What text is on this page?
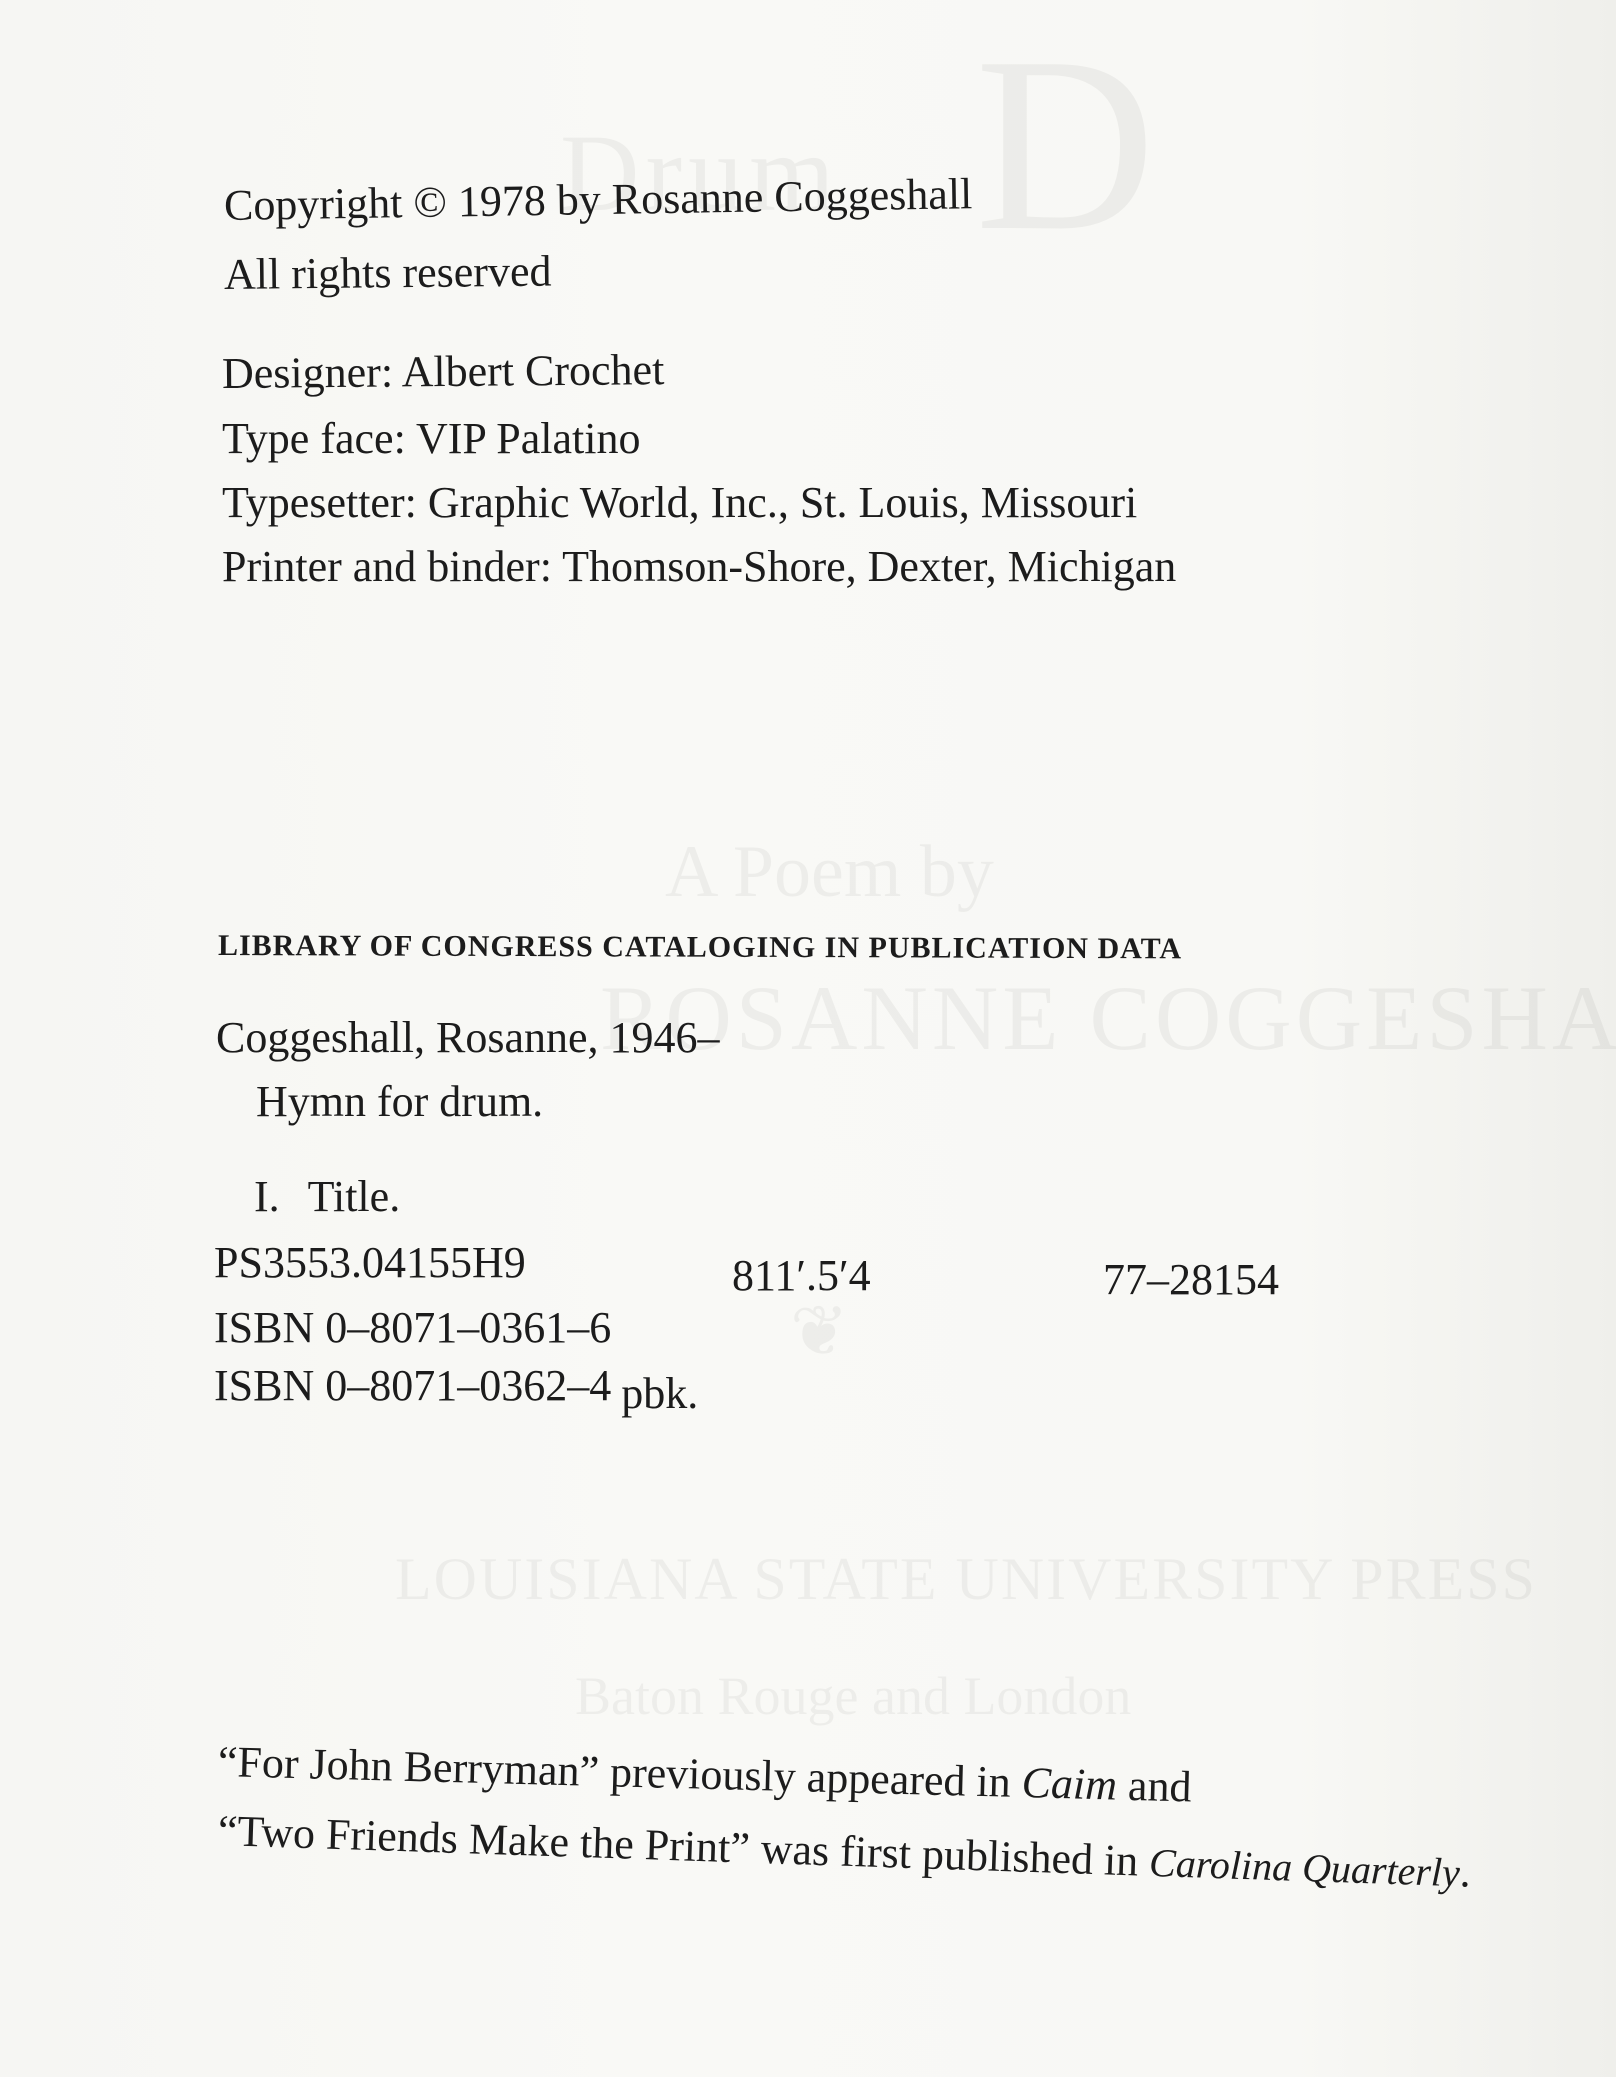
Copyright © 1978 by Rosanne Coggeshall
All rights reserved
Designer: Albert Crochet
Type face: VIP Palatino
Typesetter: Graphic World, Inc., St. Louis, Missouri
Printer and binder: Thomson-Shore, Dexter, Michigan
LIBRARY OF CONGRESS CATALOGING IN PUBLICATION DATA
Coggeshall, Rosanne, 1946–
Hymn for drum.
I. Title.
PS3553.04155H9	811′.5′4	77–28154
ISBN 0–8071–0361–6
ISBN 0–8071–0362–4 pbk.
“For John Berryman” previously appeared in Caim and
“Two Friends Make the Print” was first published in Carolina Quarterly.
